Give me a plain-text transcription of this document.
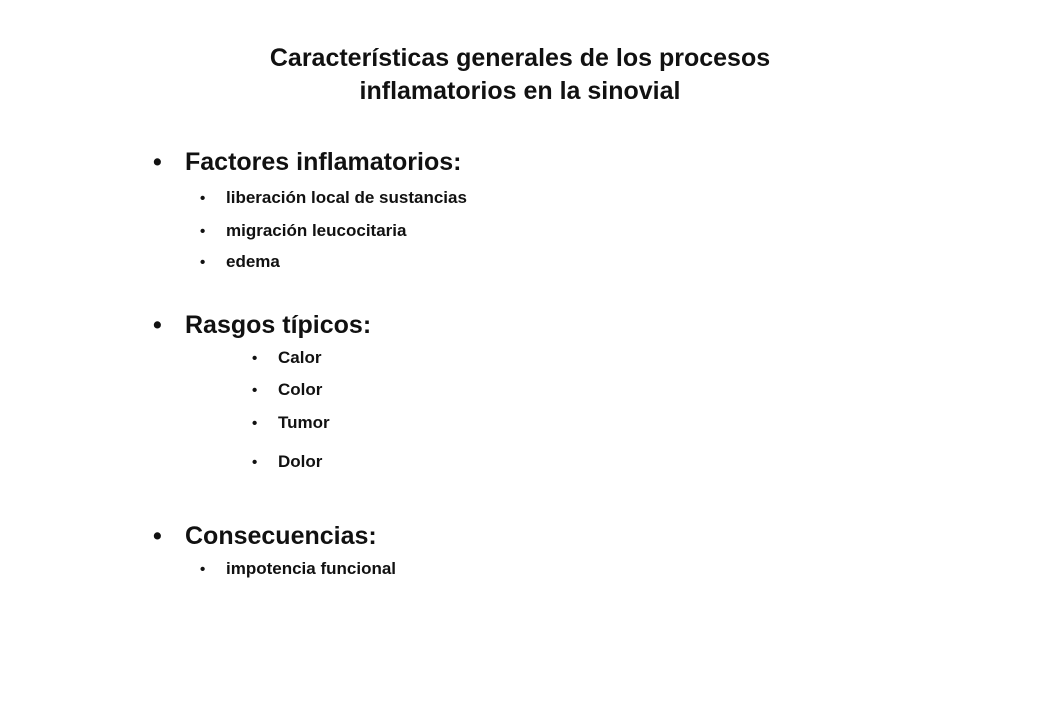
Características generales de los procesos
inflamatorios en la sinovial
• Factores inflamatorios:
• liberación local de sustancias
• migración leucocitaria
• edema
• Rasgos típicos:
• Calor
• Color
• Tumor
• Dolor
• Consecuencias:
• impotencia funcional
